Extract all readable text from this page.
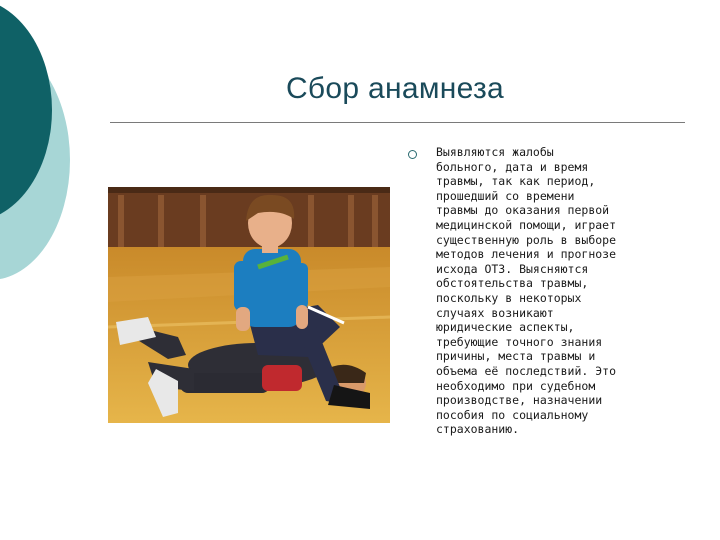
Сбор анамнеза
Выявляются жалобы
больного, дата и время
травмы, так как период,
прошедший со времени
травмы до оказания первой
медицинской помощи, играет
существенную роль в выборе
методов лечения и прогнозе
исхода ОТЗ. Выясняются
обстоятельства травмы,
поскольку в некоторых
случаях возникают
юридические аспекты,
требующие точного знания
причины, места травмы и
объема её последствий. Это
необходимо при судебном
производстве, назначении
пособия по социальному
страхованию.
